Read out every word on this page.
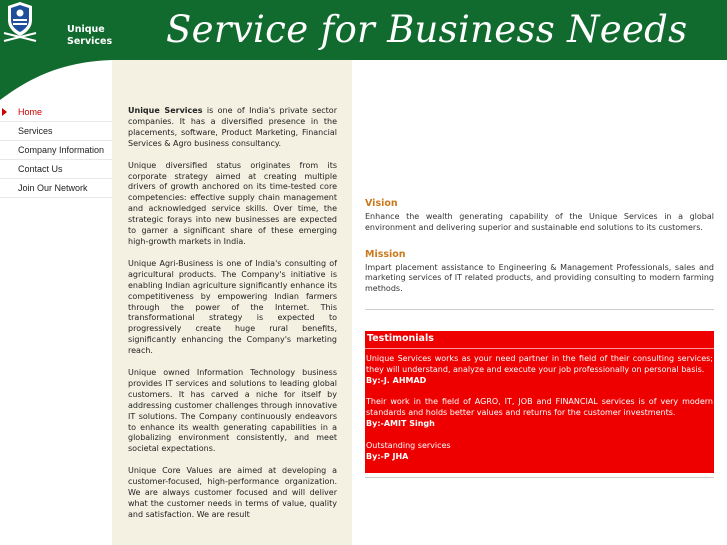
Unique
Services Service for Business Needs
Home
Services
Company Information
Contact Us
Join Our Network

Unique Services is one of India's private sector companies. It has a diversified presence in the placements, software, Product Marketing, Financial Services & Agro business consultancy.

Unique diversified status originates from its corporate strategy aimed at creating multiple drivers of growth anchored on its time-tested core competencies: effective supply chain management and acknowledged service skills. Over time, the strategic forays into new businesses are expected to garner a significant share of these emerging high-growth markets in India.

Unique Agri-Business is one of India's consulting of agricultural products. The Company's initiative is enabling Indian agriculture significantly enhance its competitiveness by empowering Indian farmers through the power of the Internet. This transformational strategy is expected to progressively create huge rural benefits, significantly enhancing the Company's marketing reach.

Unique owned Information Technology business provides IT services and solutions to leading global customers. It has carved a niche for itself by addressing customer challenges through innovative IT solutions. The Company continuously endeavors to enhance its wealth generating capabilities in a globalizing environment consistently, and meet societal expectations.

Unique Core Values are aimed at developing a customer-focused, high-performance organization. We are always customer focused and will deliver what the customer needs in terms of value, quality and satisfaction. We are result

Vision

Enhance the wealth generating capability of the Unique Services in a global environment and delivering superior and sustainable end solutions to its customers.

Mission

Impart placement assistance to Engineering & Management Professionals, sales and marketing services of IT related products, and providing consulting to modern farming methods.

Testimonials
Unique Services works as your need partner in the field of their consulting services; they will understand, analyze and execute your job professionally on personal basis.
By:-J. AHMAD
Their work in the field of AGRO, IT, JOB and FINANCIAL services is of very modern standards and holds better values and returns for the customer investments.
By:-AMIT Singh
Outstanding services
By:-P JHA
